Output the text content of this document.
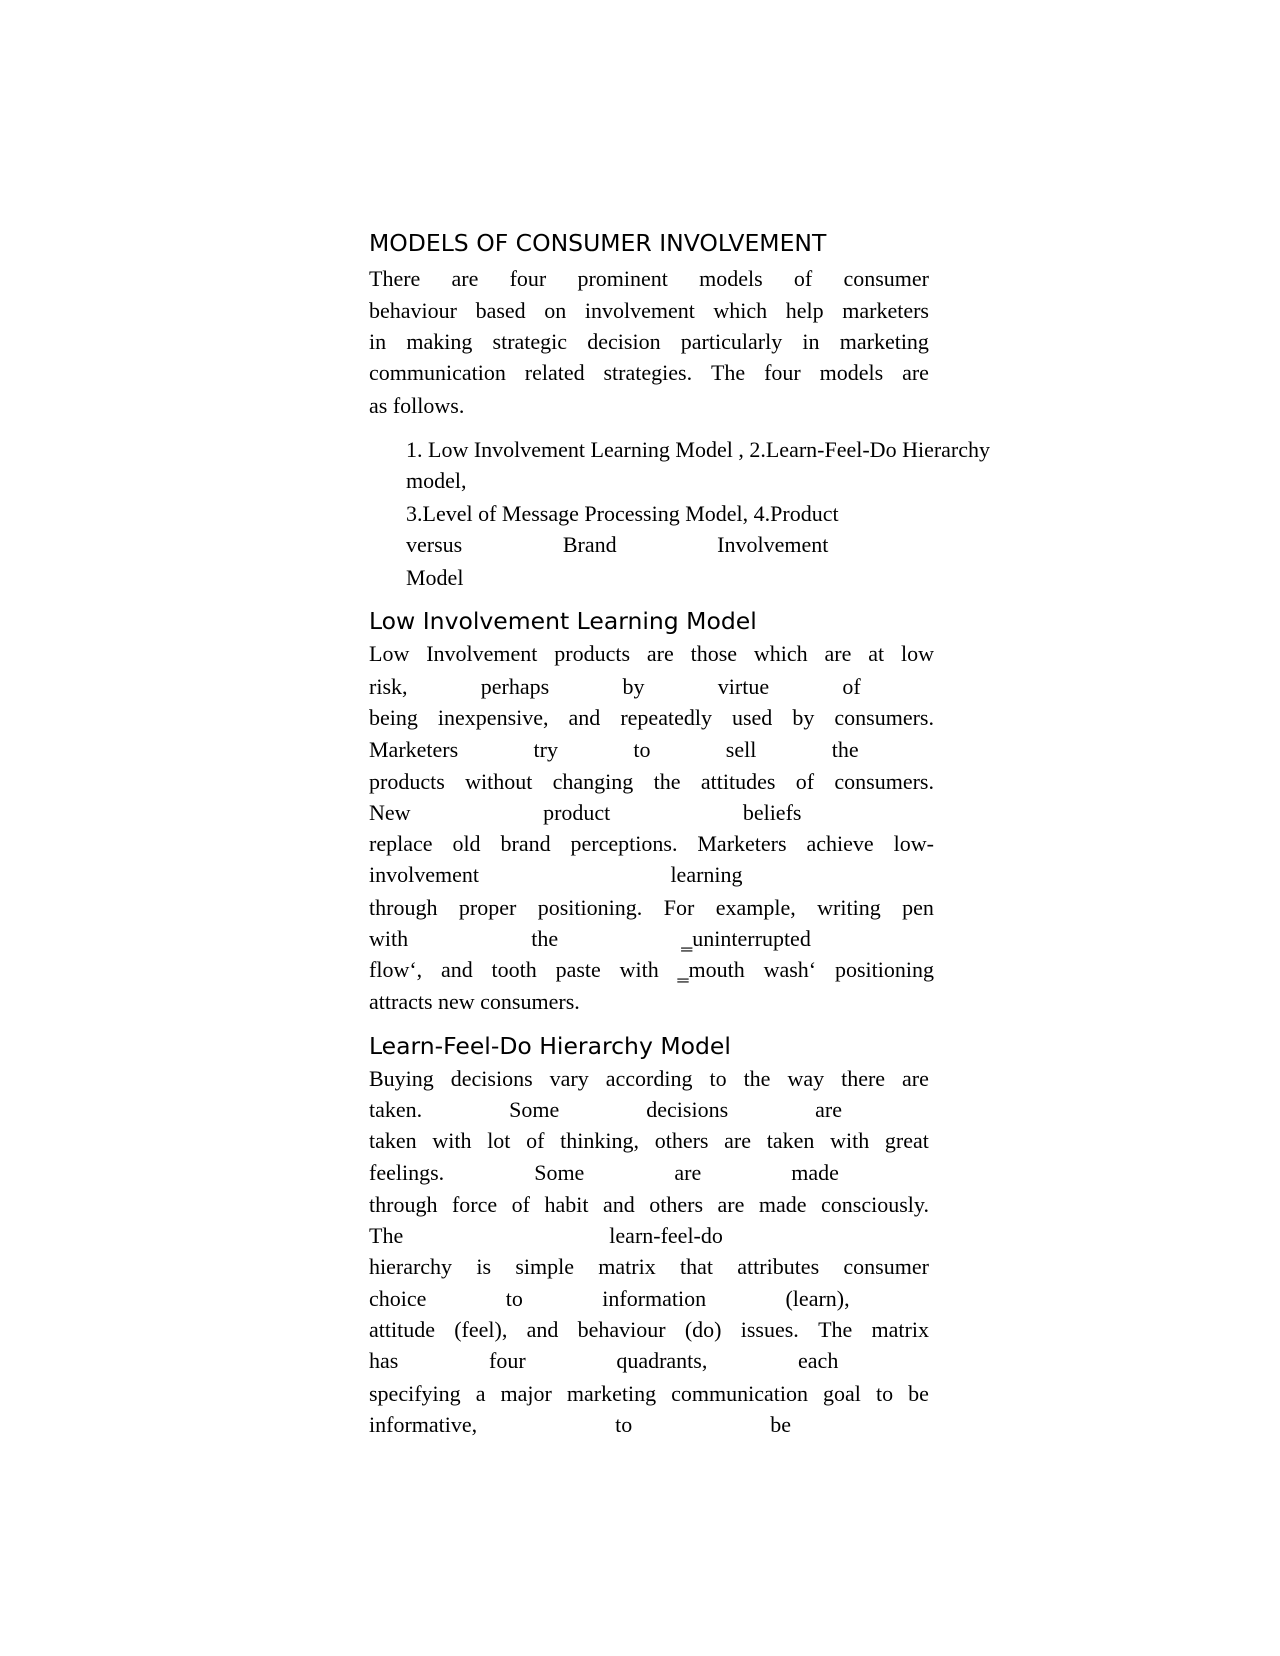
MODELS OF CONSUMER INVOLVEMENT
There are four prominent models of consumer
behaviour based on involvement which help marketers
in making strategic decision particularly in marketing
communication related strategies. The four models are
as follows.
1. Low Involvement Learning Model , 2.Learn-Feel-Do Hierarchy
model,
3.Level of Message Processing Model, 4.Product
versus	Brand	Involvement
Model
Low Involvement Learning Model
Low Involvement products are those which are at low
risk,	perhaps	by	virtue	of
being inexpensive, and repeatedly used by consumers.
Marketers	try	to	sell	the
products without changing the attitudes of consumers.
New	product	beliefs
replace old brand perceptions. Marketers achieve low-
involvement	learning
through proper positioning. For example, writing pen
with	the	‗uninterrupted
flow‘, and tooth paste with ‗mouth wash‘ positioning
attracts new consumers.
Learn-Feel-Do Hierarchy Model
Buying decisions vary according to the way there are
taken.	Some	decisions	are
taken with lot of thinking, others are taken with great
feelings.	Some	are	made
through force of habit and others are made consciously.
The	learn-feel-do
hierarchy is simple matrix that attributes consumer
choice	to	information	(learn),
attitude (feel), and behaviour (do) issues. The matrix
has	four	quadrants,	each
specifying a major marketing communication goal to be
informative,	to	be
